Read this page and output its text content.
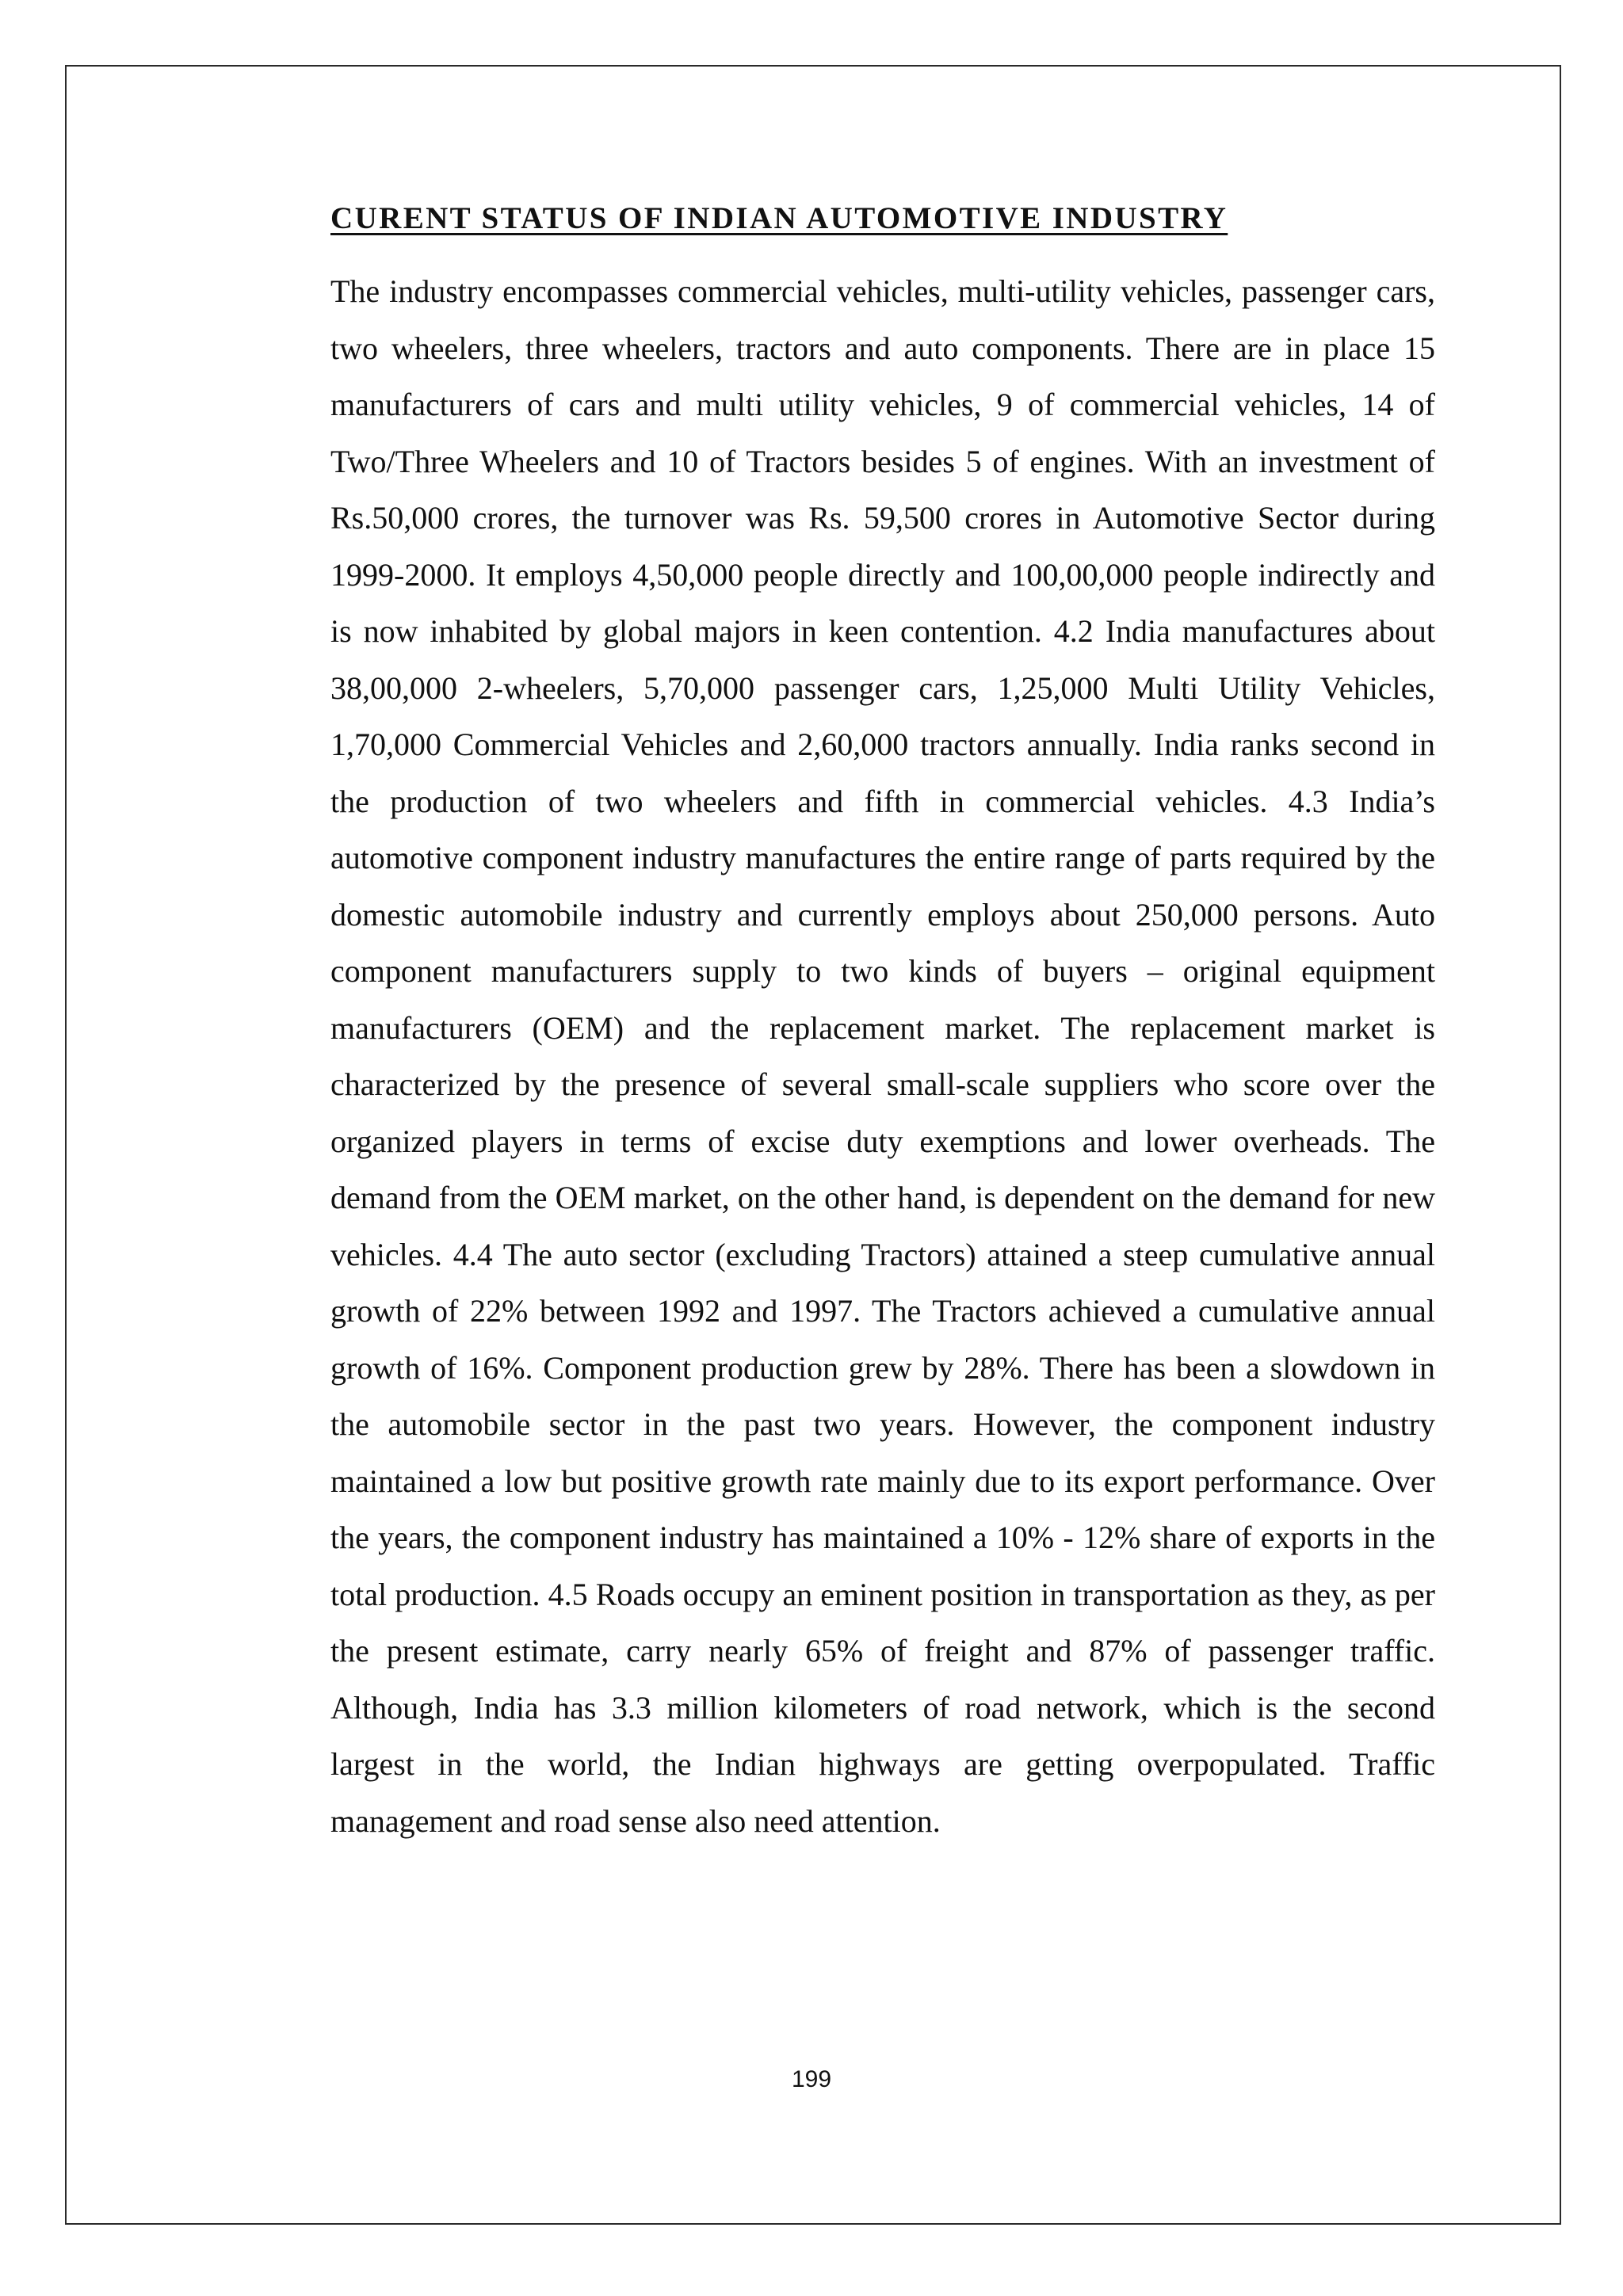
CURENT STATUS OF INDIAN AUTOMOTIVE INDUSTRY

The industry encompasses commercial vehicles, multi-utility vehicles, passenger cars, two wheelers, three wheelers, tractors and auto components. There are in place 15 manufacturers of cars and multi utility vehicles, 9 of commercial vehicles, 14 of Two/Three Wheelers and 10 of Tractors besides 5 of engines. With an investment of Rs.50,000 crores, the turnover was Rs. 59,500 crores in Automotive Sector during 1999-2000. It employs 4,50,000 people directly and 100,00,000 people indirectly and is now inhabited by global majors in keen contention. 4.2 India manufactures about 38,00,000 2-wheelers, 5,70,000 passenger cars, 1,25,000 Multi Utility Vehicles, 1,70,000 Commercial Vehicles and 2,60,000 tractors annually. India ranks second in the production of two wheelers and fifth in commercial vehicles. 4.3 India’s automotive component industry manufactures the entire range of parts required by the domestic automobile industry and currently employs about 250,000 persons. Auto component manufacturers supply to two kinds of buyers – original equipment manufacturers (OEM) and the replacement market. The replacement market is characterized by the presence of several small-scale suppliers who score over the organized players in terms of excise duty exemptions and lower overheads. The demand from the OEM market, on the other hand, is dependent on the demand for new vehicles. 4.4 The auto sector (excluding Tractors) attained a steep cumulative annual growth of 22% between 1992 and 1997. The Tractors achieved a cumulative annual growth of 16%. Component production grew by 28%. There has been a slowdown in the automobile sector in the past two years. However, the component industry maintained a low but positive growth rate mainly due to its export performance. Over the years, the component industry has maintained a 10% - 12% share of exports in the total production. 4.5 Roads occupy an eminent position in transportation as they, as per the present estimate, carry nearly 65% of freight and 87% of passenger traffic. Although, India has 3.3 million kilometers of road network, which is the second largest in the world, the Indian highways are getting overpopulated. Traffic management and road sense also need attention.

199
